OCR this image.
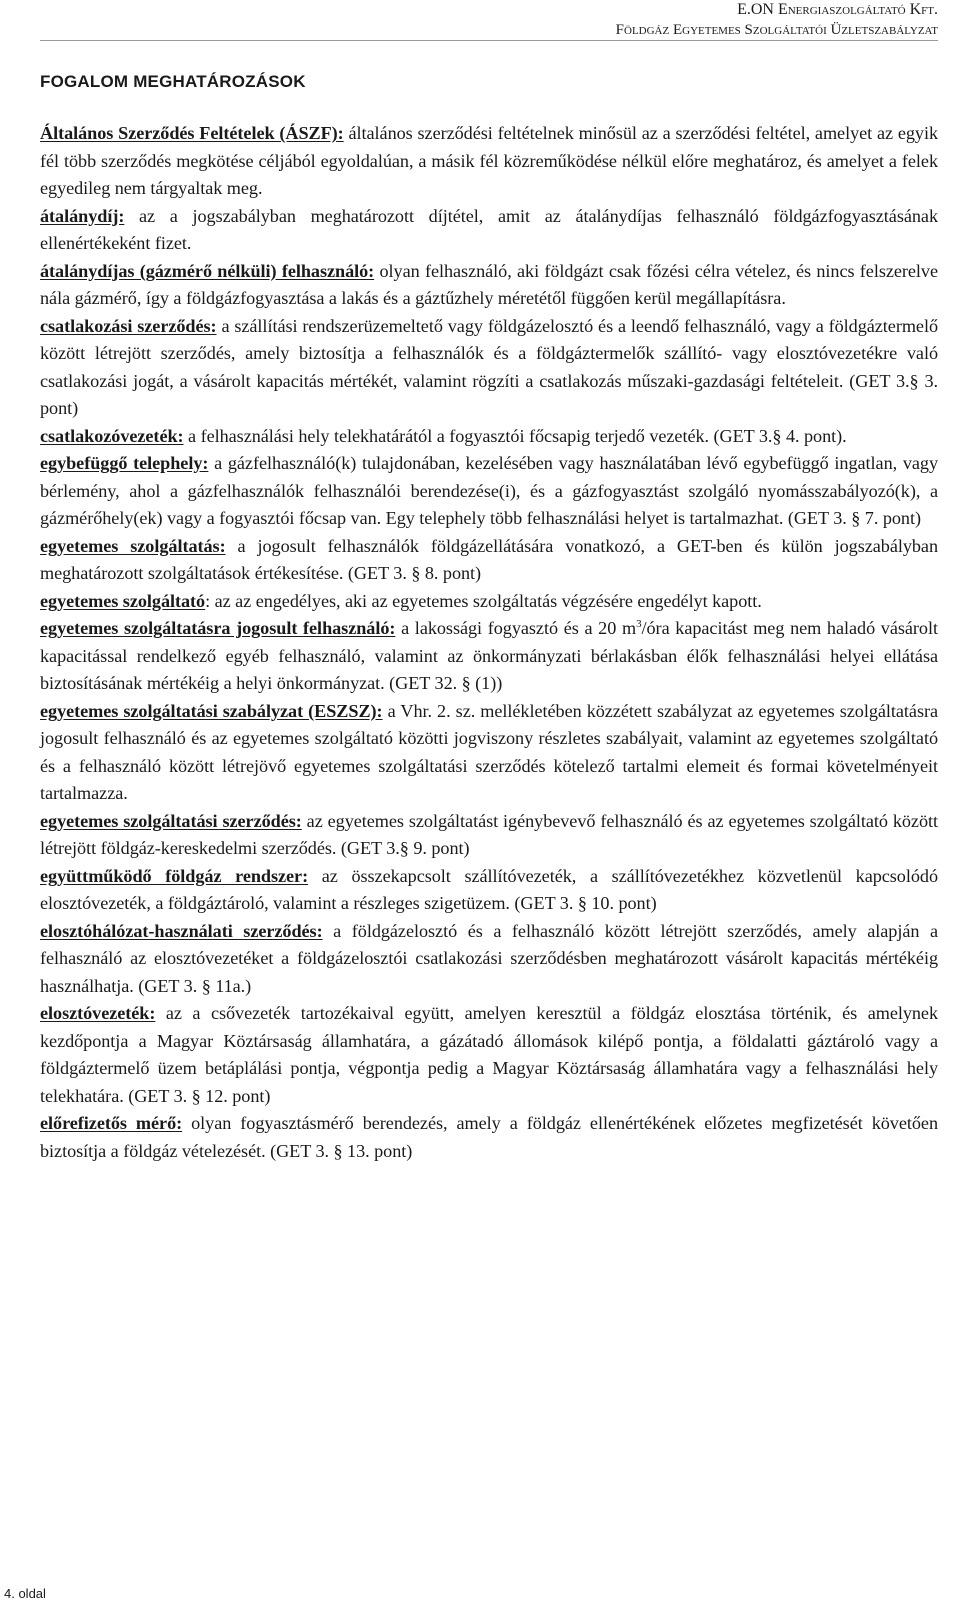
E.ON Energiaszolgáltató Kft.
Földgáz Egyetemes Szolgáltatói Üzletszabályzat
FOGALOM MEGHATÁROZÁSOK

Általános Szerződés Feltételek (ÁSZF): általános szerződési feltételnek minősül az a szerződési feltétel, amelyet az egyik fél több szerződés megkötése céljából egyoldalúan, a másik fél közreműködése nélkül előre meghatároz, és amelyet a felek egyedileg nem tárgyaltak meg.

átalánydíj: az a jogszabályban meghatározott díjtétel, amit az átalánydíjas felhasználó földgázfogyasztásának ellenértékeként fizet.

átalánydíjas (gázmérő nélküli) felhasználó: olyan felhasználó, aki földgázt csak főzési célra vételez, és nincs felszerelve nála gázmérő, így a földgázfogyasztása a lakás és a gáztűzhely méretétől függően kerül megállapításra.

csatlakozási szerződés: a szállítási rendszerüzemeltető vagy földgázelosztó és a leendő felhasználó, vagy a földgáztermelő között létrejött szerződés, amely biztosítja a felhasználók és a földgáztermelők szállító- vagy elosztóvezetékre való csatlakozási jogát, a vásárolt kapacitás mértékét, valamint rögzíti a csatlakozás műszaki-gazdasági feltételeit. (GET 3.§ 3. pont)

csatlakozóvezeték: a felhasználási hely telekhatárától a fogyasztói főcsapig terjedő vezeték. (GET 3.§ 4. pont).

egybefüggő telephely: a gázfelhasználó(k) tulajdonában, kezelésében vagy használatában lévő egybefüggő ingatlan, vagy bérlemény, ahol a gázfelhasználók felhasználói berendezése(i), és a gázfogyasztást szolgáló nyomásszabályozó(k), a gázmérőhely(ek) vagy a fogyasztói főcsap van. Egy telephely több felhasználási helyet is tartalmazhat. (GET 3. § 7. pont)

egyetemes szolgáltatás: a jogosult felhasználók földgázellátására vonatkozó, a GET-ben és külön jogszabályban meghatározott szolgáltatások értékesítése. (GET 3. § 8. pont)

egyetemes szolgáltató: az az engedélyes, aki az egyetemes szolgáltatás végzésére engedélyt kapott.

egyetemes szolgáltatásra jogosult felhasználó: a lakossági fogyasztó és a 20 $m^3$/óra kapacitást meg nem haladó vásárolt kapacitással rendelkező egyéb felhasználó, valamint az önkormányzati bérlakásban élők felhasználási helyei ellátása biztosításának mértékéig a helyi önkormányzat. (GET 32. § (1))

egyetemes szolgáltatási szabályzat (ESZSZ): a Vhr. 2. sz. mellékletében közzétett szabályzat az egyetemes szolgáltatásra jogosult felhasználó és az egyetemes szolgáltató közötti jogviszony részletes szabályait, valamint az egyetemes szolgáltató és a felhasználó között létrejövő egyetemes szolgáltatási szerződés kötelező tartalmi elemeit és formai követelményeit tartalmazza.

egyetemes szolgáltatási szerződés: az egyetemes szolgáltatást igénybevevő felhasználó és az egyetemes szolgáltató között létrejött földgáz-kereskedelmi szerződés. (GET 3.§ 9. pont)

együttműködő földgáz rendszer: az összekapcsolt szállítóvezeték, a szállítóvezetékhez közvetlenül kapcsolódó elosztóvezeték, a földgáztároló, valamint a részleges szigetüzem. (GET 3. § 10. pont)

elosztóhálózat-használati szerződés: a földgázelosztó és a felhasználó között létrejött szerződés, amely alapján a felhasználó az elosztóvezetéket a földgázelosztói csatlakozási szerződésben meghatározott vásárolt kapacitás mértékéig használhatja. (GET 3. § 11a.)

elosztóvezeték: az a csővezeték tartozékaival együtt, amelyen keresztül a földgáz elosztása történik, és amelynek kezdőpontja a Magyar Köztársaság államhatára, a gázátadó állomások kilépő pontja, a földalatti gáztároló vagy a földgáztermelő üzem betáplálási pontja, végpontja pedig a Magyar Köztársaság államhatára vagy a felhasználási hely telekhatára. (GET 3. § 12. pont)

előrefizetős mérő: olyan fogyasztásmérő berendezés, amely a földgáz ellenértékének előzetes megfizetését követően biztosítja a földgáz vételezését. (GET 3. § 13. pont)

4. oldal
